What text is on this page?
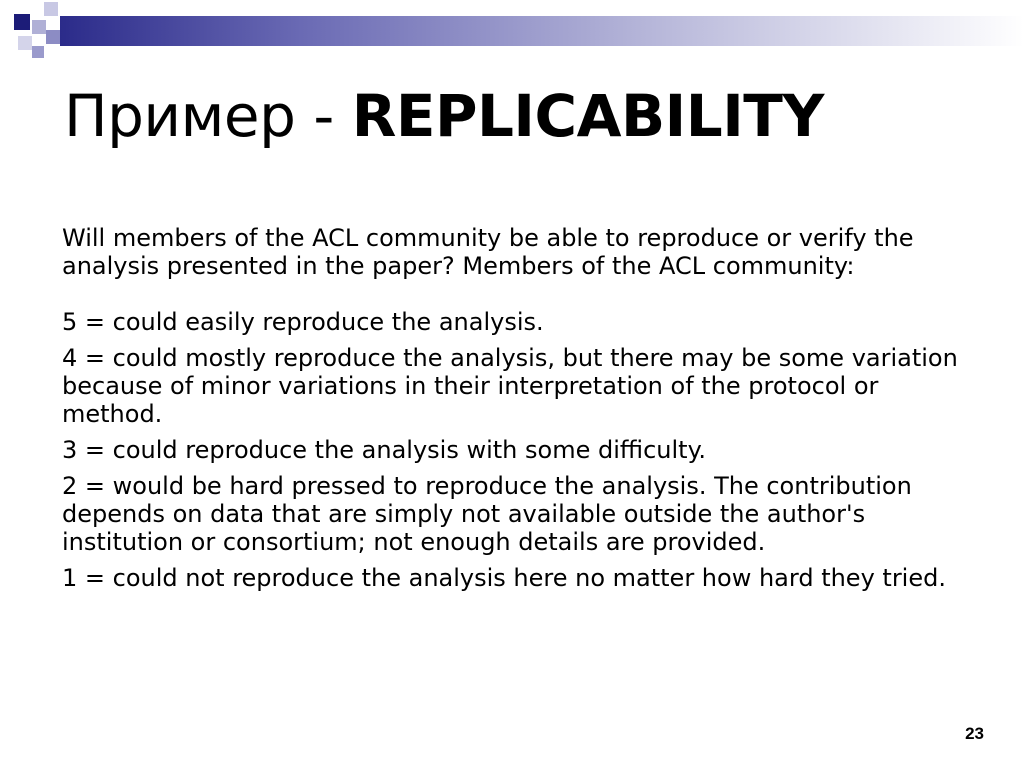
Пример - REPLICABILITY

Will members of the ACL community be able to reproduce or verify the analysis presented in the paper? Members of the ACL community:

5 = could easily reproduce the analysis.

4 = could mostly reproduce the analysis, but there may be some variation because of minor variations in their interpretation of the protocol or method.

3 = could reproduce the analysis with some difficulty.

2 = would be hard pressed to reproduce the analysis. The contribution depends on data that are simply not available outside the author's institution or consortium; not enough details are provided.

1 = could not reproduce the analysis here no matter how hard they tried.

23
